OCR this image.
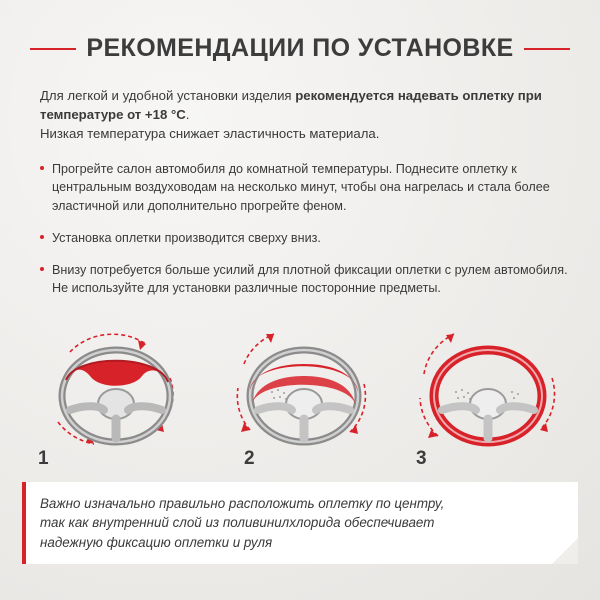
РЕКОМЕНДАЦИИ ПО УСТАНОВКЕ
Для легкой и удобной установки изделия рекомендуется надевать оплетку при температуре от +18 °C.
Низкая температура снижает эластичность материала.
Прогрейте салон автомобиля до комнатной температуры. Поднесите оплетку к центральным воздуховодам на несколько минут, чтобы она нагрелась и стала более эластичной или дополнительно прогрейте феном.
Установка оплетки производится сверху вниз.
Внизу потребуется больше усилий для плотной фиксации оплетки с рулем автомобиля. Не используйте для установки различные посторонние предметы.
1	2	3
Важно изначально правильно расположить оплетку по центру,
так как внутренний слой из поливинилхлорида обеспечивает
надежную фиксацию оплетки и руля
